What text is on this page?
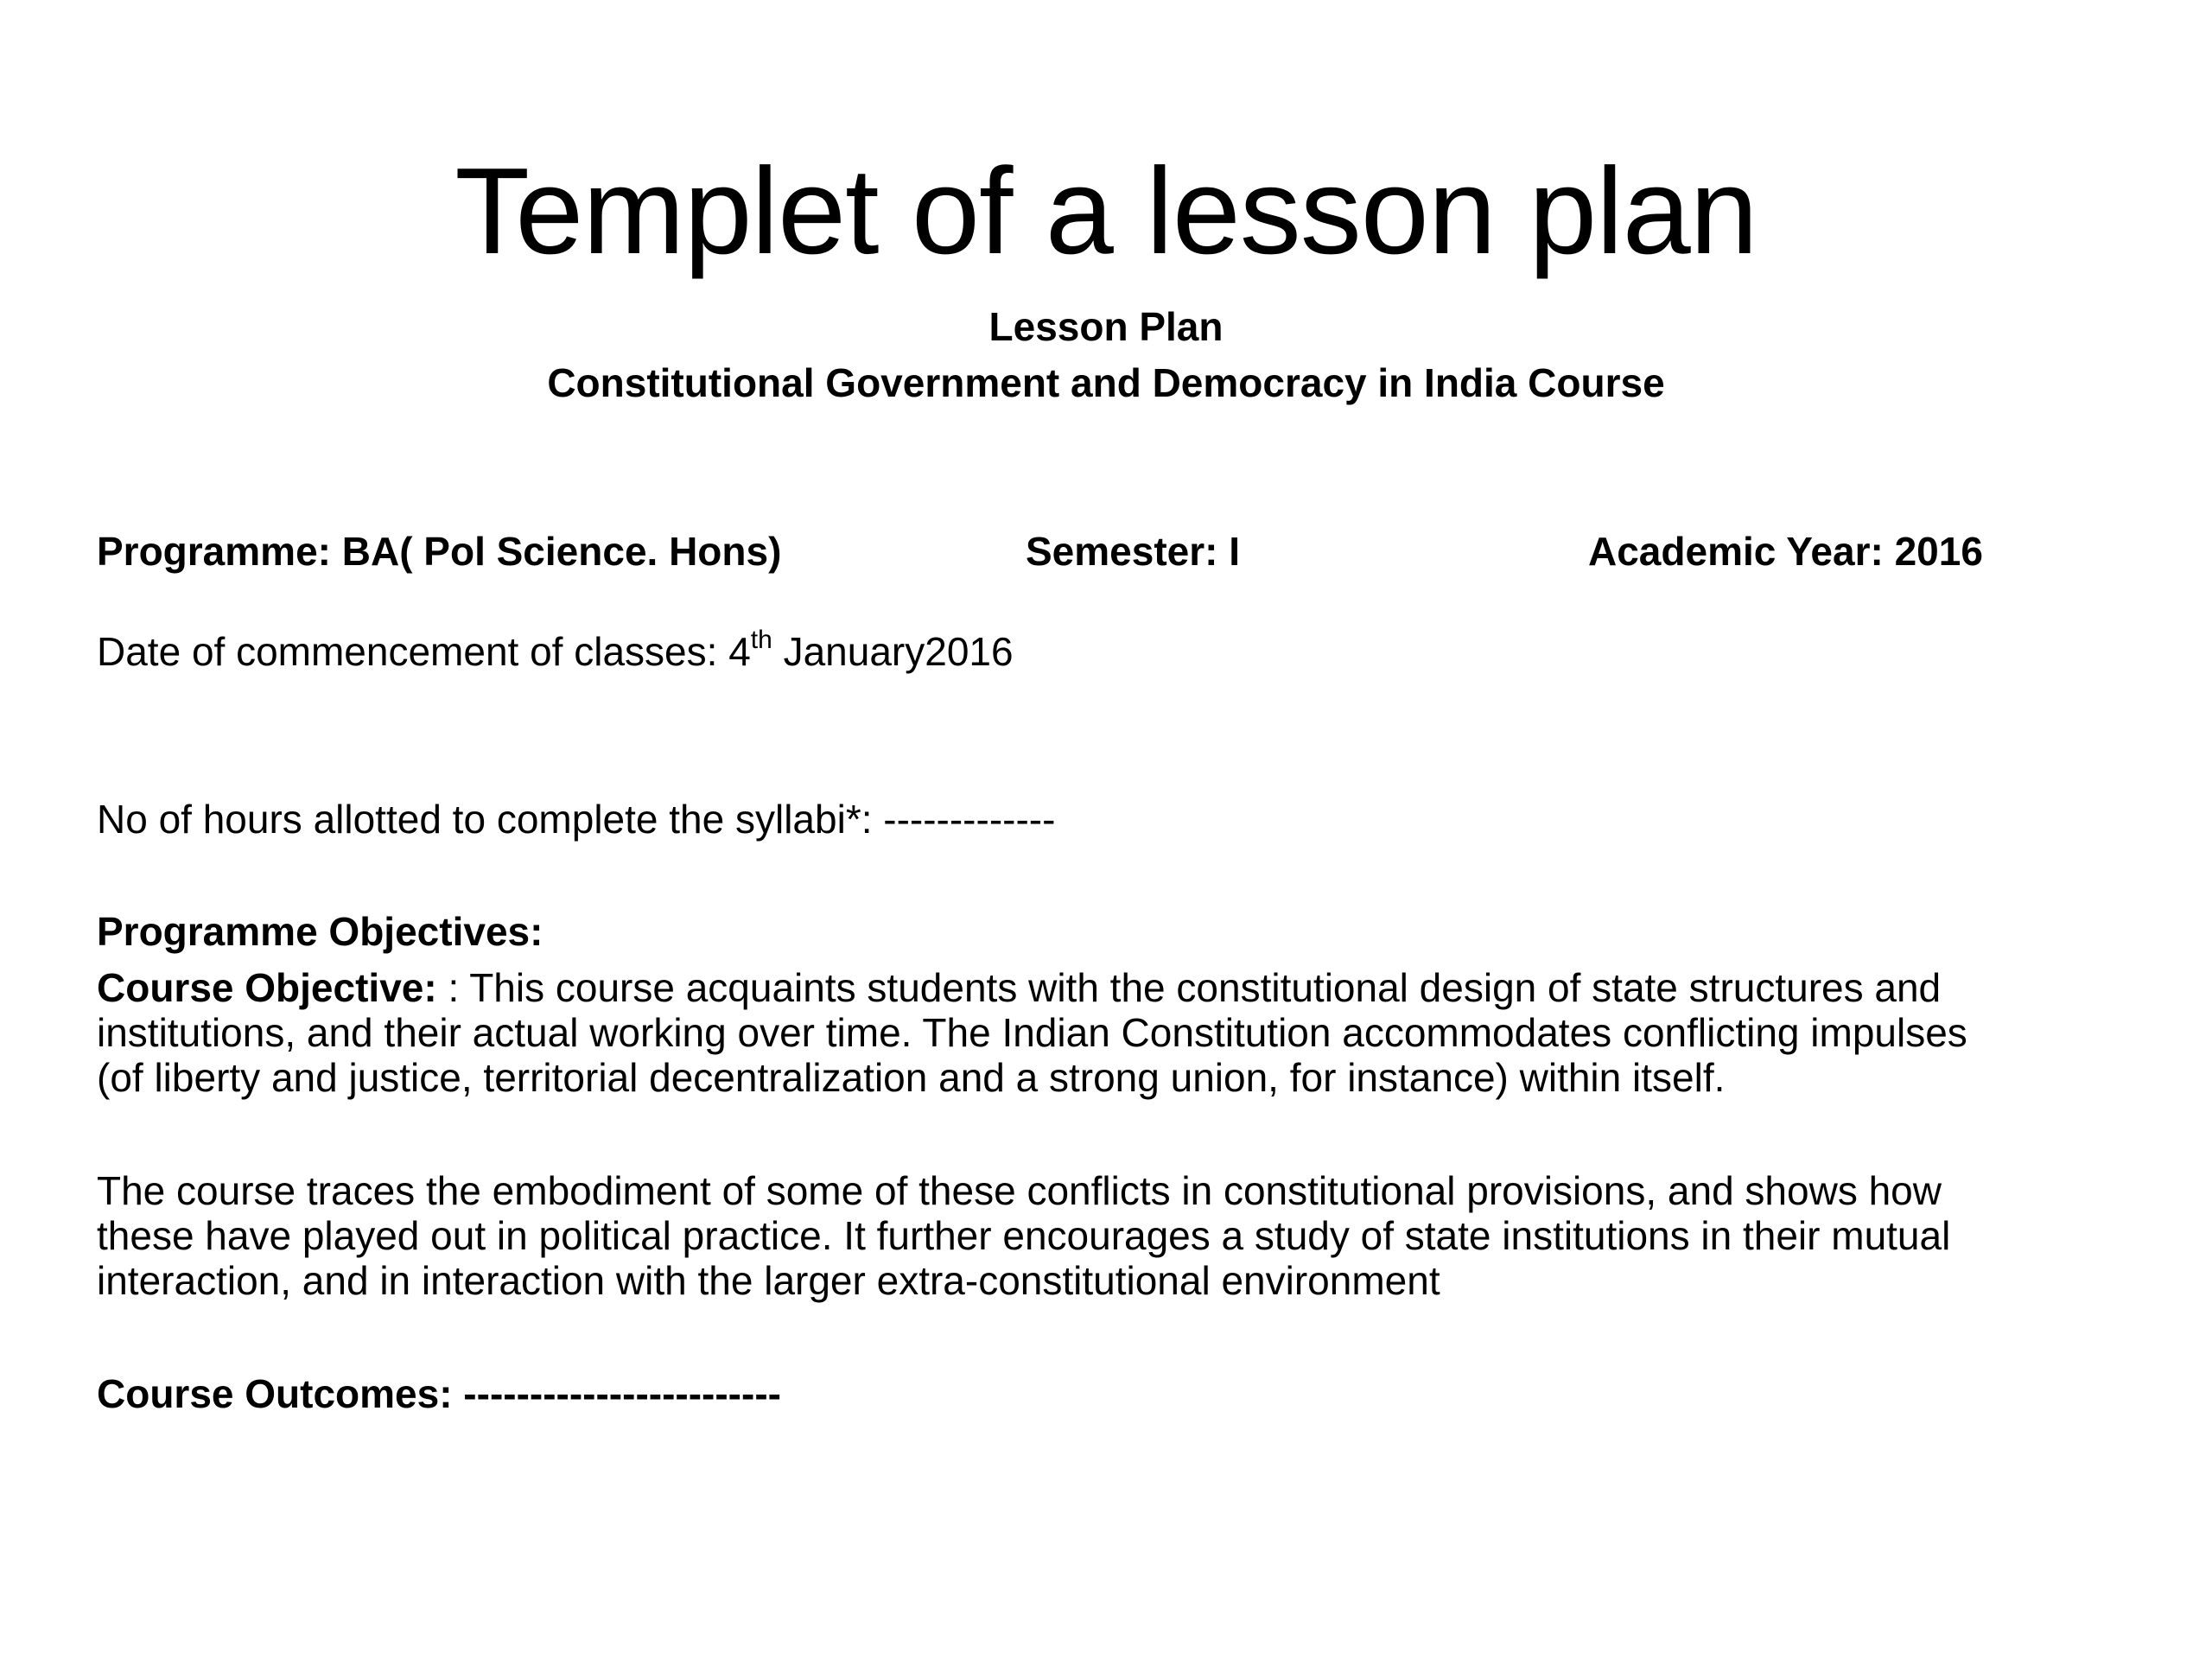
Templet of a lesson plan
Lesson Plan
Constitutional Government and Democracy in India Course
Programme: BA( Pol Science. Hons)	Semester: I	Academic Year: 2016
Date of commencement of classes: 4th January2016
No of hours allotted to complete the syllabi*: -------------
Programme Objectives:
Course Objective: : This course acquaints students with the constitutional design of state structures and
institutions, and their actual working over time. The Indian Constitution accommodates conflicting impulses
(of liberty and justice, territorial decentralization and a strong union, for instance) within itself.
The course traces the embodiment of some of these conflicts in constitutional provisions, and shows how
these have played out in political practice. It further encourages a study of state institutions in their mutual
interaction, and in interaction with the larger extra-constitutional environment
Course Outcomes: ------------------------
